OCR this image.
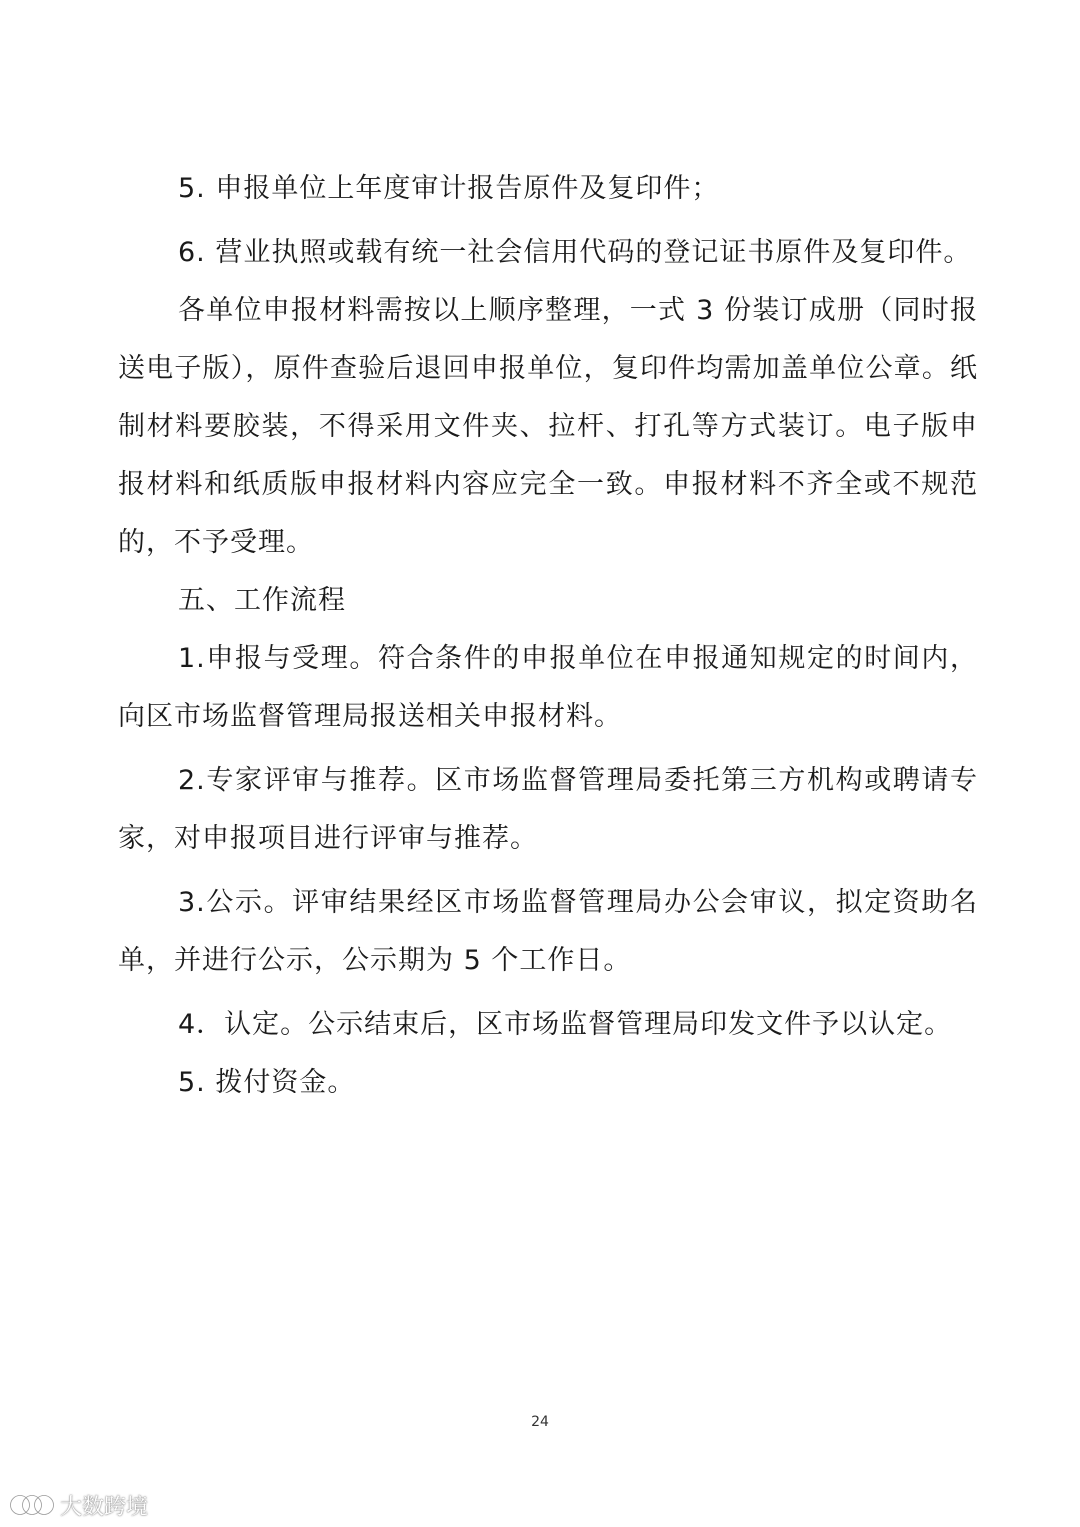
5. 申报单位上年度审计报告原件及复印件；

6. 营业执照或载有统一社会信用代码的登记证书原件及复印件。

各单位申报材料需按以上顺序整理，一式 3 份装订成册（同时报送电子版），原件查验后退回申报单位，复印件均需加盖单位公章。纸制材料要胶装，不得采用文件夹、拉杆、打孔等方式装订。电子版申报材料和纸质版申报材料内容应完全一致。申报材料不齐全或不规范的，不予受理。

五、工作流程

1.申报与受理。符合条件的申报单位在申报通知规定的时间内，向区市场监督管理局报送相关申报材料。

2.专家评审与推荐。区市场监督管理局委托第三方机构或聘请专家，对申报项目进行评审与推荐。

3.公示。评审结果经区市场监督管理局办公会审议，拟定资助名单，并进行公示，公示期为 5 个工作日。

4．认定。公示结束后，区市场监督管理局印发文件予以认定。

5. 拨付资金。

24
大数跨境
